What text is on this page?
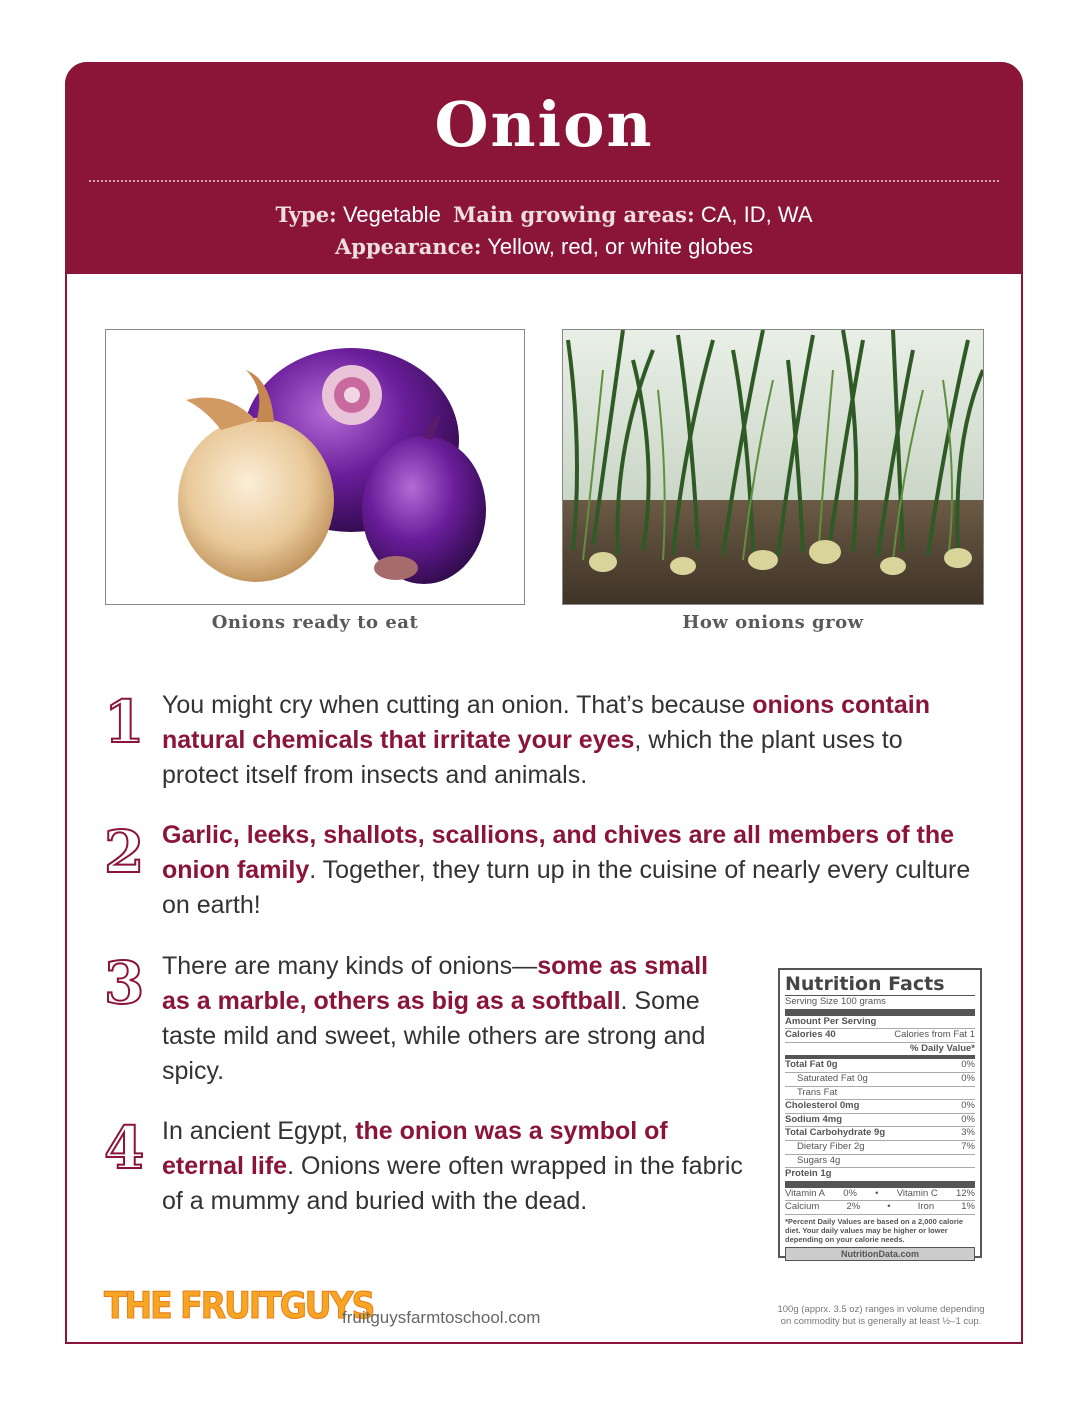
Onion
Type: Vegetable Main growing areas: CA, ID, WA
Appearance: Yellow, red, or white globes
Onions ready to eat	How onions grow
1 You might cry when cutting an onion. That’s because onions contain natural chemicals that irritate your eyes, which the plant uses to protect itself from insects and animals.
2 Garlic, leeks, shallots, scallions, and chives are all members of the onion family. Together, they turn up in the cuisine of nearly every culture on earth!
3 There are many kinds of onions—some as small as a marble, others as big as a softball. Some taste mild and sweet, while others are strong and spicy.
4 In ancient Egypt, the onion was a symbol of eternal life. Onions were often wrapped in the fabric of a mummy and buried with the dead.
Nutrition Facts
Serving Size 100 grams
Amount Per Serving
Calories 40	Calories from Fat 1
% Daily Value*
Total Fat 0g	0%
Saturated Fat 0g	0%
Trans Fat
Cholesterol 0mg	0%
Sodium 4mg	0%
Total Carbohydrate 9g	3%
Dietary Fiber 2g	7%
Sugars 4g
Protein 1g
Vitamin A 0% • Vitamin C 12%
Calcium	2%	•	Iron	1%
*Percent Daily Values are based on a 2,000 calorie diet. Your daily values may be higher or lower depending on your calorie needs.
NutritionData.com
THE FRUITGUYS
fruitguysfarmtoschool.com	100g (apprx. 3.5 oz) ranges in volume depending on commodity but is generally at least ½–1 cup.
